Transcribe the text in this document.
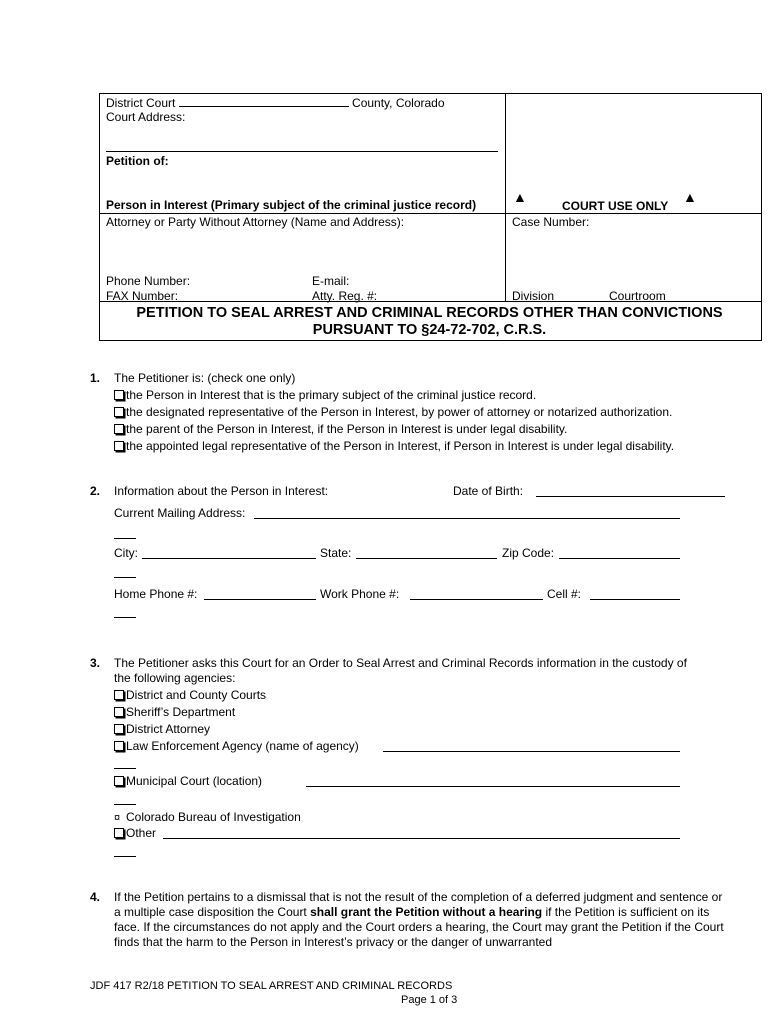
District Court	County, Colorado
Court Address:
Petition of:
Person in Interest (Primary subject of the criminal justice record)	▲
COURT USE ONLY
▲
Attorney or Party Without Attorney (Name and Address):	Case Number:
Phone Number:	E-mail:
FAX Number:	Atty. Reg. #:	Division	Courtroom
PETITION TO SEAL ARREST AND CRIMINAL RECORDS OTHER THAN CONVICTIONS
PURSUANT TO §24-72-702, C.R.S.
1. The Petitioner is: (check one only)
the Person in Interest that is the primary subject of the criminal justice record.
the designated representative of the Person in Interest, by power of attorney or notarized authorization.
the parent of the Person in Interest, if the Person in Interest is under legal disability.
the appointed legal representative of the Person in Interest, if Person in Interest is under legal disability.
2. Information about the Person in Interest:	Date of Birth:
Current Mailing Address:
City:	State:	Zip Code:
Home Phone #:	Work Phone #:	Cell #:
3. The Petitioner asks this Court for an Order to Seal Arrest and Criminal Records information in the custody of
the following agencies:
District and County Courts
Sheriff’s Department
District Attorney
Law Enforcement Agency (name of agency)
Municipal Court (location)
¤ Colorado Bureau of Investigation
Other
4. If the Petition pertains to a dismissal that is not the result of the completion of a deferred judgment and sentence or a multiple case disposition the Court shall grant the Petition without a hearing if the Petition is sufficient on its face. If the circumstances do not apply and the Court orders a hearing, the Court may grant the Petition if the Court finds that the harm to the Person in Interest’s privacy or the danger of unwarranted
JDF 417 R2/18 PETITION TO SEAL ARREST AND CRIMINAL RECORDS
Page 1 of 3
